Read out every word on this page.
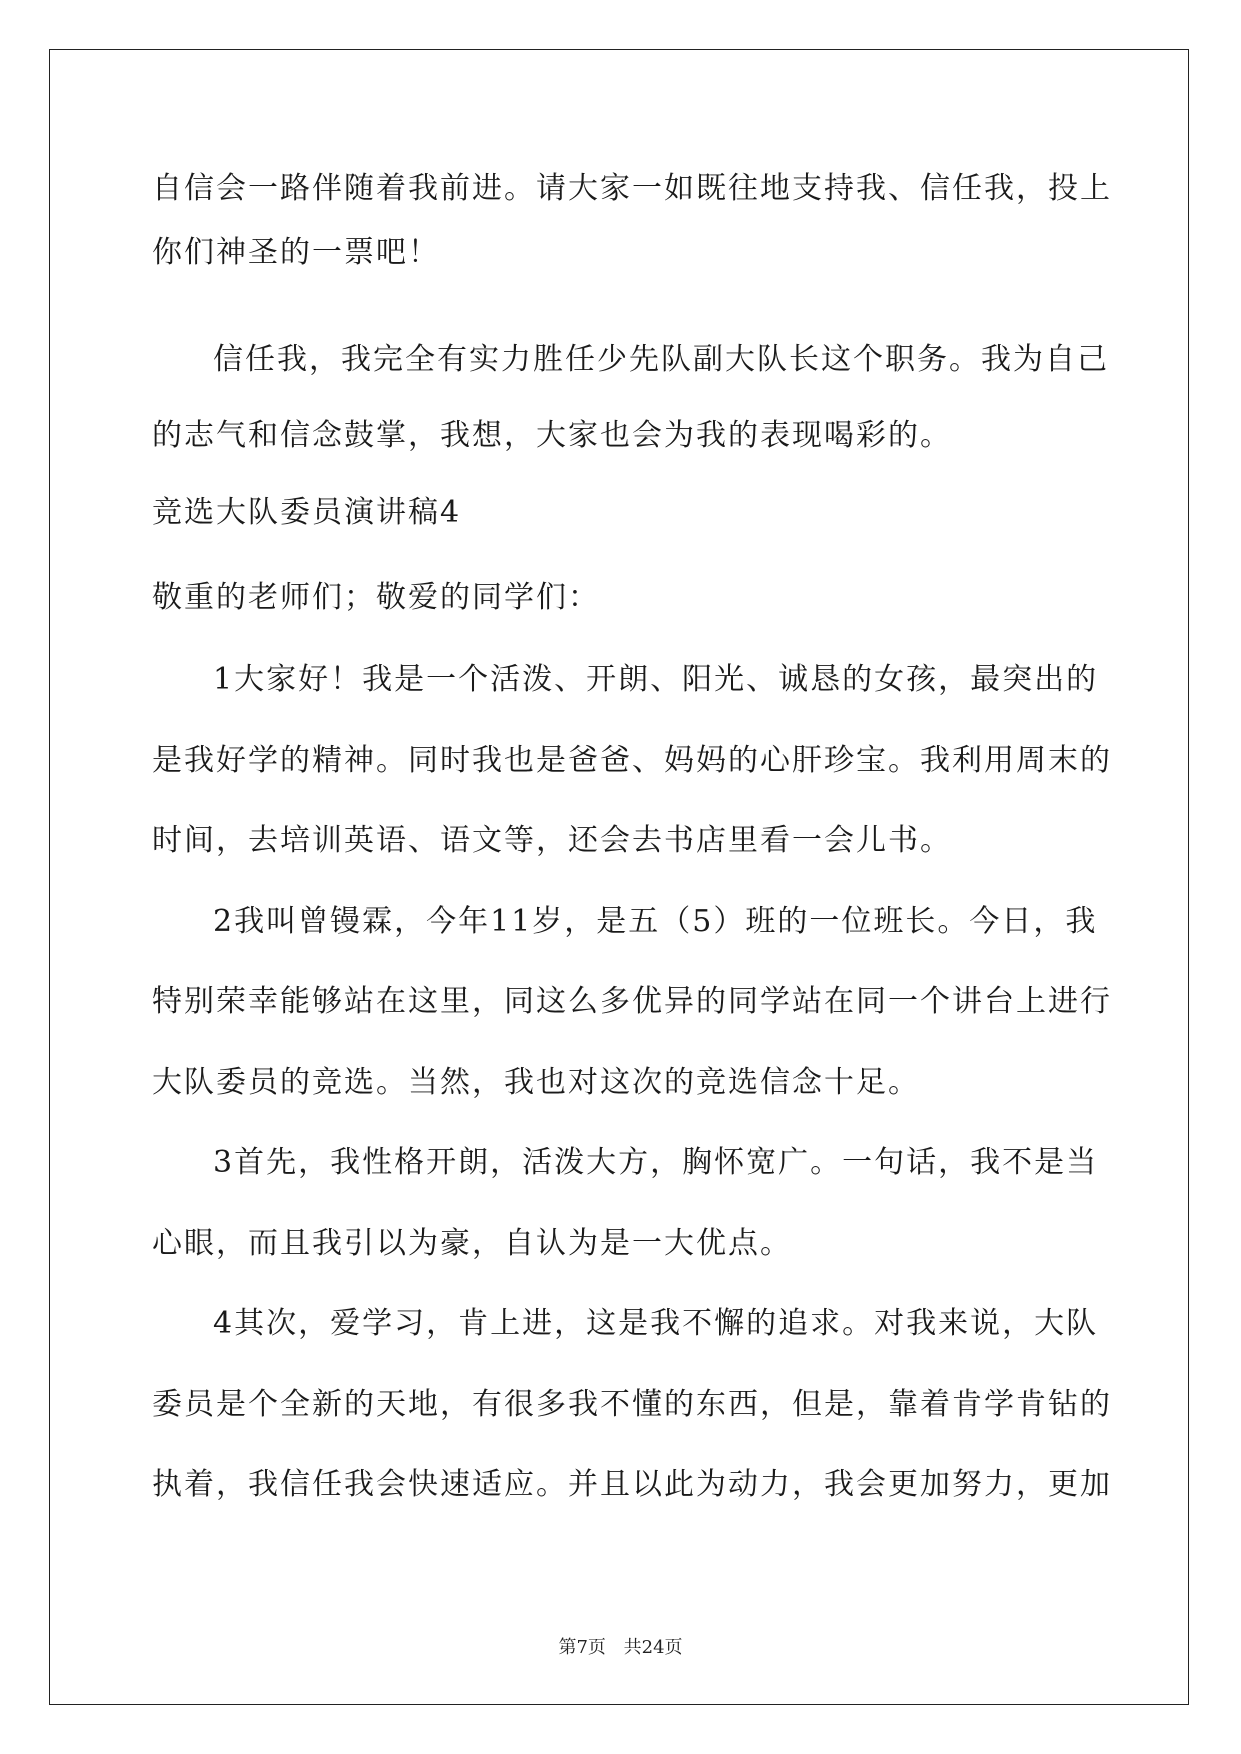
自信会一路伴随着我前进。请大家一如既往地支持我、信任我，投上
你们神圣的一票吧！
信任我，我完全有实力胜任少先队副大队长这个职务。我为自己
的志气和信念鼓掌，我想，大家也会为我的表现喝彩的。
竞选大队委员演讲稿4
敬重的老师们；敬爱的同学们：
1大家好！我是一个活泼、开朗、阳光、诚恳的女孩，最突出的
是我好学的精神。同时我也是爸爸、妈妈的心肝珍宝。我利用周末的
时间，去培训英语、语文等，还会去书店里看一会儿书。
2我叫曾镘霖，今年11岁，是五（5）班的一位班长。今日，我
特别荣幸能够站在这里，同这么多优异的同学站在同一个讲台上进行
大队委员的竞选。当然，我也对这次的竞选信念十足。
3首先，我性格开朗，活泼大方，胸怀宽广。一句话，我不是当
心眼，而且我引以为豪，自认为是一大优点。
4其次，爱学习，肯上进，这是我不懈的追求。对我来说，大队
委员是个全新的天地，有很多我不懂的东西，但是，靠着肯学肯钻的
执着，我信任我会快速适应。并且以此为动力，我会更加努力，更加
第7页 共24页
